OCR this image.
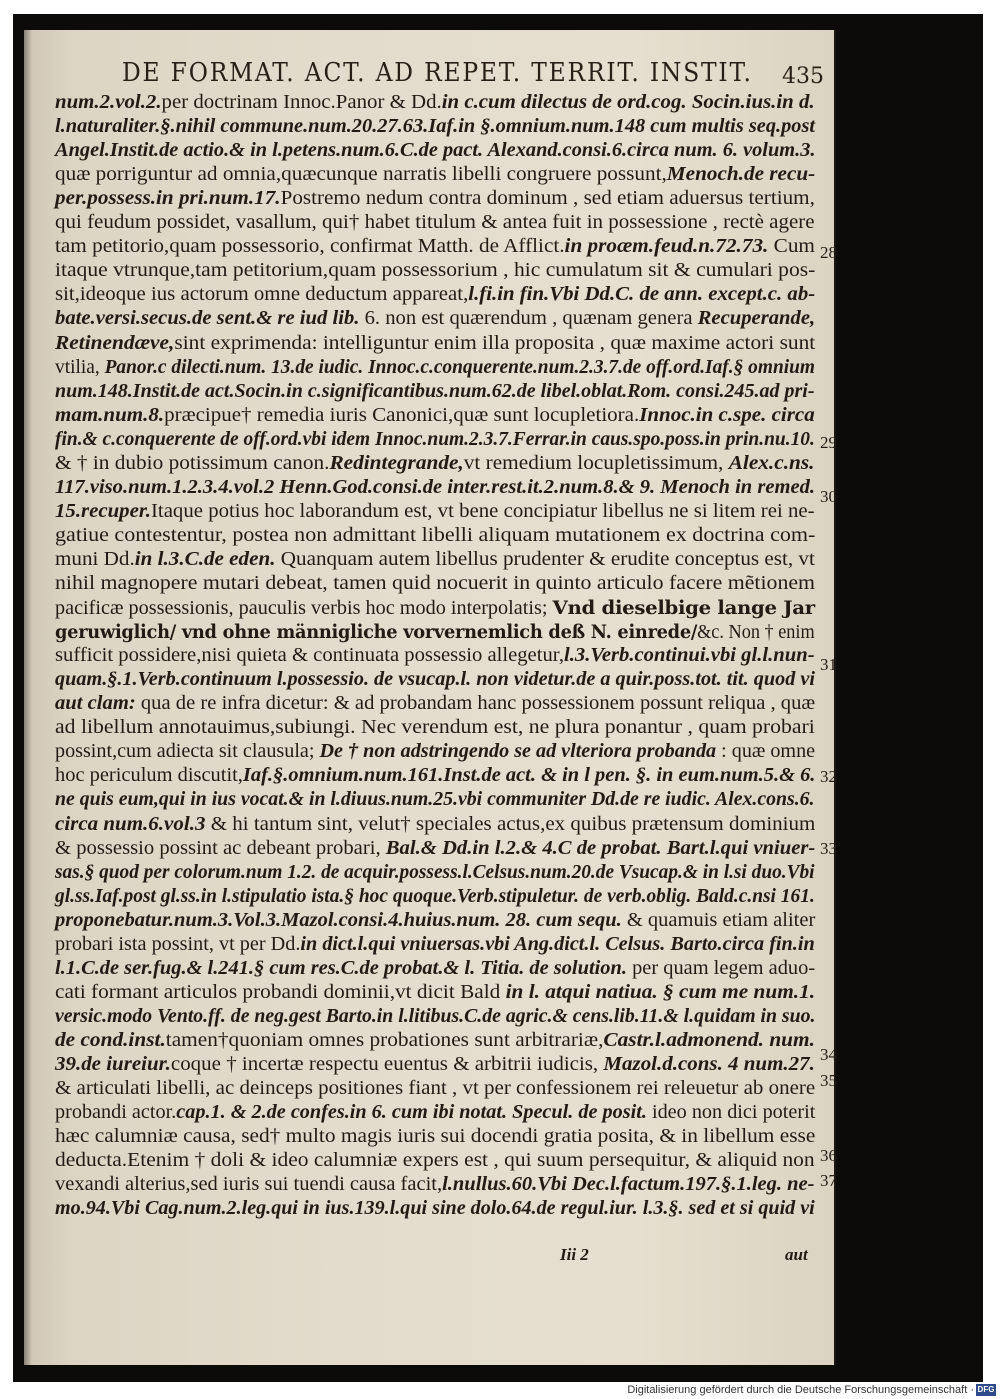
DE FORMAT. ACT. AD REPET. TERRIT. INSTIT. 435
num.2.vol.2.per doctrinam Innoc.Panor & Dd.in c.cum dilectus de ord.cog. Socin.ius.in d.
l.naturaliter.§.nihil commune.num.20.27.63.Iaf.in §.omnium.num.148 cum multis seq.post
Angel.Instit.de actio.& in l.petens.num.6.C.de pact. Alexand.consi.6.circa num. 6. volum.3.
quæ porriguntur ad omnia,quæcunque narratis libelli congruere possunt,Menoch.de recu-
per.possess.in pri.num.17.Postremo nedum contra dominum , sed etiam aduersus tertium,
qui feudum possidet, vasallum, qui† habet titulum & antea fuit in possessione , rectè agere
tam petitorio,quam possessorio, confirmat Matth. de Afflict.in proæm.feud.n.72.73. Cum
itaque vtrunque,tam petitorium,quam possessorium , hic cumulatum sit & cumulari pos-
sit,ideoque ius actorum omne deductum appareat,l.fi.in fin.Vbi Dd.C. de ann. except.c. ab-
bate.versi.secus.de sent.& re iud lib. 6. non est quærendum , quænam genera Recuperande,
Retinendæve,sint exprimenda: intelliguntur enim illa proposita , quæ maxime actori sunt
vtilia, Panor.c dilecti.num. 13.de iudic. Innoc.c.conquerente.num.2.3.7.de off.ord.Iaf.§ omnium
num.148.Instit.de act.Socin.in c.significantibus.num.62.de libel.oblat.Rom. consi.245.ad pri-
mam.num.8.præcipue† remedia iuris Canonici,quæ sunt locupletiora.Innoc.in c.spe. circa
fin.& c.conquerente de off.ord.vbi idem Innoc.num.2.3.7.Ferrar.in caus.spo.poss.in prin.nu.10.
& † in dubio potissimum canon.Redintegrande,vt remedium locupletissimum, Alex.c.ns.
117.viso.num.1.2.3.4.vol.2 Henn.God.consi.de inter.rest.it.2.num.8.& 9. Menoch in remed.
15.recuper.Itaque potius hoc laborandum est, vt bene concipiatur libellus ne si litem rei ne-
gatiue contestentur, postea non admittant libelli aliquam mutationem ex doctrina com-
muni Dd.in l.3.C.de eden. Quanquam autem libellus prudenter & erudite conceptus est, vt
nihil magnopere mutari debeat, tamen quid nocuerit in quinto articulo facere mẽtionem
pacificæ possessionis, pauculis verbis hoc modo interpolatis; Vnd dieselbige lange Jar
geruwiglich/ vnd ohne männigliche vorvernemlich deß N. einrede/&c. Non † enim
sufficit possidere,nisi quieta & continuata possessio allegetur,l.3.Verb.continui.vbi gl.l.nun-
quam.§.1.Verb.continuum l.possessio. de vsucap.l. non videtur.de a quir.poss.tot. tit. quod vi
aut clam: qua de re infra dicetur: & ad probandam hanc possessionem possunt reliqua , quæ
ad libellum annotauimus,subiungi. Nec verendum est, ne plura ponantur , quam probari
possint,cum adiecta sit clausula; De † non adstringendo se ad vlteriora probanda : quæ omne
hoc periculum discutit,Iaf.§.omnium.num.161.Inst.de act. & in l pen. §. in eum.num.5.& 6.
ne quis eum,qui in ius vocat.& in l.diuus.num.25.vbi communiter Dd.de re iudic. Alex.cons.6.
circa num.6.vol.3 & hi tantum sint, velut† speciales actus,ex quibus prætensum dominium
& possessio possint ac debeant probari, Bal.& Dd.in l.2.& 4.C de probat. Bart.l.qui vniuer-
sas.§ quod per colorum.num 1.2. de acquir.possess.l.Celsus.num.20.de Vsucap.& in l.si duo.Vbi
gl.ss.Iaf.post gl.ss.in l.stipulatio ista.§ hoc quoque.Verb.stipuletur. de verb.oblig. Bald.c.nsi 161.
proponebatur.num.3.Vol.3.Mazol.consi.4.huius.num. 28. cum sequ. & quamuis etiam aliter
probari ista possint, vt per Dd.in dict.l.qui vniuersas.vbi Ang.dict.l. Celsus. Barto.circa fin.in
l.1.C.de ser.fug.& l.241.§ cum res.C.de probat.& l. Titia. de solution. per quam legem aduo-
cati formant articulos probandi dominii,vt dicit Bald in l. atqui natiua. § cum me num.1.
versic.modo Vento.ff. de neg.gest Barto.in l.litibus.C.de agric.& cens.lib.11.& l.quidam in suo.
de cond.inst.tamen†quoniam omnes probationes sunt arbitrariæ,Castr.l.admonend. num.
39.de iureiur.coque † incertæ respectu euentus & arbitrii iudicis, Mazol.d.cons. 4 num.27.
& articulati libelli, ac deinceps positiones fiant , vt per confessionem rei releuetur ab onere
probandi actor.cap.1. & 2.de confes.in 6. cum ibi notat. Specul. de posit. ideo non dici poterit
hæc calumniæ causa, sed† multo magis iuris sui docendi gratia posita, & in libellum esse
deducta.Etenim † doli & ideo calumniæ expers est , qui suum persequitur, & aliquid non
vexandi alterius,sed iuris sui tuendi causa facit,l.nullus.60.Vbi Dec.l.factum.197.§.1.leg. ne-
mo.94.Vbi Cag.num.2.leg.qui in ius.139.l.qui sine dolo.64.de regul.iur. l.3.§. sed et si quid vi
28
29
30
31
32
33
34
35
36
37
Iii 2	aut
Digitalisierung gefördert durch die Deutsche Forschungsgemeinschaft · DFG
